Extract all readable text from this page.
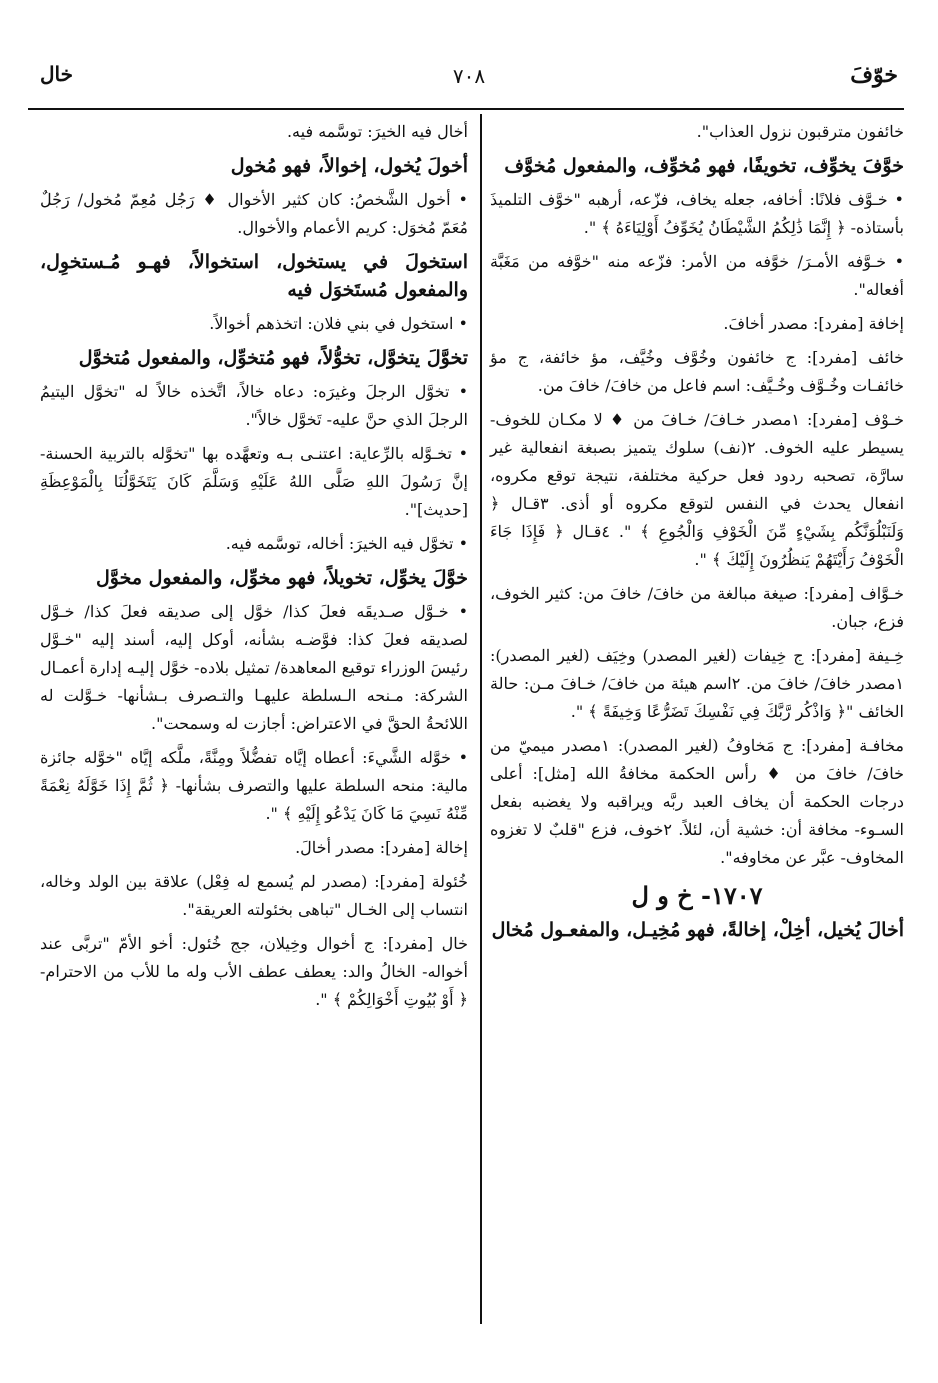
خوّفَ
٧٠٨
خال

خائفون مترقبون نزول العذاب".

خوَّفَ يخوِّف، تخويفًا، فهو مُخوِّف، والمفعول مُخوَّف

• خـوَّف فلانًا: أخافه، جعله يخاف، فزّعه، أرهبه "خوَّف التلميذَ بأستاذه- ﴿ إِنَّمَا ذَٰلِكُمُ الشَّيْطَانُ يُخَوِّفُ أَوْلِيَاءَهُ ﴾ ".

• خـوَّفه الأمـرَ/ خوَّفه من الأمر: فزّعه منه "خوَّفه من مَغَبَّة أفعاله".

إخافة [مفرد]: مصدر أخافَ.

خائف [مفرد]: ج خائفون وخُوَّف وخُيَّف، مؤ خائفة، ج مؤ خائفـات وخُـوَّف وخُـيَّف: اسم فاعل من خافَ/ خافَ من.

خـوْف [مفرد]: ١مصدر خـافَ/ خـافَ من ♦ لا مكـان للخوف- يسيطر عليه الخوف. ٢(نف) سلوك يتميز بصبغة انفعالية غير سارَّة، تصحبه ردود فعل حركية مختلفة، نتيجة توقع مكروه، انفعال يحدث في النفس لتوقع مكروه أو أذى. ٣قـال ﴿ وَلَنَبْلُوَنَّكُم بِشَيْءٍ مِّنَ الْخَوْفِ وَالْجُوعِ ﴾ ". ٤قـال ﴿ فَإِذَا جَاءَ الْخَوْفُ رَأَيْتَهُمْ يَنظُرُونَ إِلَيْكَ ﴾ ".

خـوَّاف [مفرد]: صيغة مبالغة من خافَ/ خافَ من: كثير الخوف، فزع، جبان.

خِـيفة [مفرد]: ج خِيفات (لغير المصدر) وخِيَف (لغير المصدر): ١مصدر خافَ/ خافَ من. ٢اسم هيئة من خافَ/ خـافَ مـن: حالة الخائف "﴿ وَاذْكُر رَّبَّكَ فِي نَفْسِكَ تَضَرُّعًا وَخِيفَةً ﴾ ".

مخافـة [مفرد]: ج مَخاوفُ (لغير المصدر): ١مصدر ميميّ من خافَ/ خافَ من ♦ رأس الحكمة مخافةُ الله [مثل]: أعلى درجات الحكمة أن يخاف العبد ربَّه ويراقبه ولا يغضبه بفعل السـوء- مخافة أن: خشية أن، لئلاً. ٢خوف، فزع "قلبٌ لا تغزوه المخاوف- عبَّر عن مخاوفه".

١٧٠٧- خ و ل

أخالَ يُخيل، أخِلْ، إخالةً، فهو مُخِيـل، والمفعـول مُخال

أخال فيه الخيرَ: توسَّمه فيه.

أخولَ يُخول، إخوالاً، فهو مُخول

• أخول الشَّخصُ: كان كثير الأخوال ♦ رَجُل مُعِمّ مُخول/ رَجُلٌ مُعَمّ مُخوَل: كريم الأعمام والأخوال.

استخولَ في يستخول، استخوالاً، فهـو مُـستخوِل، والمفعول مُستَخوَل فيه

• استخول في بني فلان: اتخذهم أخوالاً.

تخوَّلَ يتخوَّل، تخوُّلاً، فهو مُتخوِّل، والمفعول مُتخوَّل

• تخوَّل الرجلَ وغيرَه: دعاه خالاً، اتَّخذه خالاً له "تخوَّل اليتيمُ الرجلَ الذي حنَّ عليه- تَخوَّل خالاً".

• تخـوَّله بالرِّعاية: اعتنـى بـه وتعهَّده بها "تخوَّله بالتربية الحسنة- إنَّ رَسُولَ اللهِ صَلَّى اللهُ عَلَيْهِ وَسَلَّمَ كَانَ يَتَخَوَّلُنَا بِالْمَوْعِظَةِ [حديث]".

• تخوَّل فيه الخيرَ: أخاله، توسَّمه فيه.

خوَّلَ يخوِّل، تخويلاً، فهو مخوِّل، والمفعول مخوَّل

• خـوَّل صـديقَه فعلَ كذا/ خوَّل إلى صديقه فعلَ كذا/ خـوَّل لصديقه فعلَ كذا: فوَّضـه بشأنه، أوكل إليه، أسند إليه "خـوَّل رئيسَ الوزراء توقيع المعاهدة/ تمثيل بلاده- خوَّل إليـه إدارة أعمـال الشركة: مـنحه الـسلطة عليهـا والتـصرف بـشأنها- خـوَّلت له اللائحةُ الحقَّ في الاعتراض: أجازت له وسمحت".

• خوَّله الشَّيءَ: أعطاه إيَّاه تفضُّلاً ومِنَّةً، ملَّكه إيَّاه "خوَّله جائزة مالية: منحه السلطة عليها والتصرف بشأنها- ﴿ ثُمَّ إِذَا خَوَّلَهُ نِعْمَةً مِّنْهُ نَسِيَ مَا كَانَ يَدْعُو إِلَيْهِ ﴾ ".

إخالة [مفرد]: مصدر أخالَ.

خُئولة [مفرد]: (مصدر لم يُسمع له فِعْل) علاقة بين الولد وخاله، انتساب إلى الخـال "تباهى بخئولته العريقة".

خال [مفرد]: ج أخوال وخِيلان، جج خُئول: أخو الأمّ "تربَّى عند أخواله- الخالُ والد: يعطف عطف الأب وله ما للأب من الاحترام- ﴿ أَوْ بُيُوتِ أَخْوَالِكُمْ ﴾ ".
